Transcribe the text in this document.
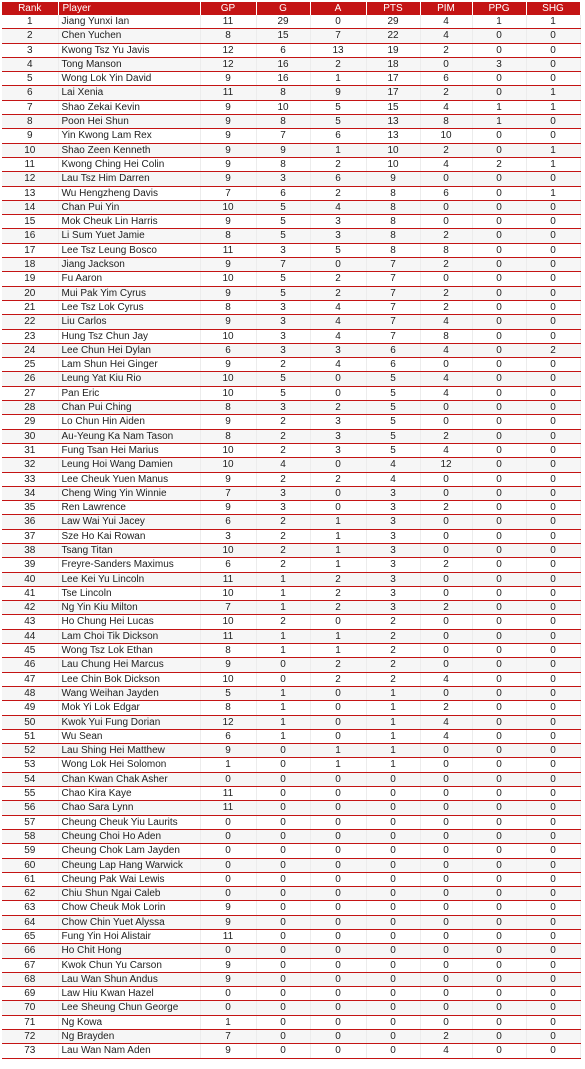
Rank	Player	GP	G	A	PTS	PIM	PPG	SHG
1	Jiang Yunxi Ian	11	29	0	29	4	1	1
2	Chen Yuchen	8	15	7	22	4	0	0
3	Kwong Tsz Yu Javis	12	6	13	19	2	0	0
4	Tong Manson	12	16	2	18	0	3	0
5	Wong Lok Yin David	9	16	1	17	6	0	0
6	Lai Xenia	11	8	9	17	2	0	1
7	Shao Zekai Kevin	9	10	5	15	4	1	1
8	Poon Hei Shun	9	8	5	13	8	1	0
9	Yin Kwong Lam Rex	9	7	6	13	10	0	0
10	Shao Zeen Kenneth	9	9	1	10	2	0	1
11	Kwong Ching Hei Colin	9	8	2	10	4	2	1
12	Lau Tsz Him Darren	9	3	6	9	0	0	0
13	Wu Hengzheng Davis	7	6	2	8	6	0	1
14	Chan Pui Yin	10	5	4	8	0	0	0
15	Mok Cheuk Lin Harris	9	5	3	8	0	0	0
16	Li Sum Yuet Jamie	8	5	3	8	2	0	0
17	Lee Tsz Leung Bosco	11	3	5	8	8	0	0
18	Jiang Jackson	9	7	0	7	2	0	0
19	Fu Aaron	10	5	2	7	0	0	0
20	Mui Pak Yim Cyrus	9	5	2	7	2	0	0
21	Lee Tsz Lok Cyrus	8	3	4	7	2	0	0
22	Liu Carlos	9	3	4	7	4	0	0
23	Hung Tsz Chun Jay	10	3	4	7	8	0	0
24	Lee Chun Hei Dylan	6	3	3	6	4	0	2
25	Lam Shun Hei Ginger	9	2	4	6	0	0	0
26	Leung Yat Kiu Rio	10	5	0	5	4	0	0
27	Pan Eric	10	5	0	5	4	0	0
28	Chan Pui Ching	8	3	2	5	0	0	0
29	Lo Chun Hin Aiden	9	2	3	5	0	0	0
30	Au-Yeung Ka Nam Tason	8	2	3	5	2	0	0
31	Fung Tsan Hei Marius	10	2	3	5	4	0	0
32	Leung Hoi Wang Damien	10	4	0	4	12	0	0
33	Lee Cheuk Yuen Manus	9	2	2	4	0	0	0
34	Cheng Wing Yin Winnie	7	3	0	3	0	0	0
35	Ren Lawrence	9	3	0	3	2	0	0
36	Law Wai Yui Jacey	6	2	1	3	0	0	0
37	Sze Ho Kai Rowan	3	2	1	3	0	0	0
38	Tsang Titan	10	2	1	3	0	0	0
39	Freyre-Sanders Maximus	6	2	1	3	2	0	0
40	Lee Kei Yu Lincoln	11	1	2	3	0	0	0
41	Tse Lincoln	10	1	2	3	0	0	0
42	Ng Yin Kiu Milton	7	1	2	3	2	0	0
43	Ho Chung Hei Lucas	10	2	0	2	0	0	0
44	Lam Choi Tik Dickson	11	1	1	2	0	0	0
45	Wong Tsz Lok Ethan	8	1	1	2	0	0	0
46	Lau Chung Hei Marcus	9	0	2	2	0	0	0
47	Lee Chin Bok Dickson	10	0	2	2	4	0	0
48	Wang Weihan Jayden	5	1	0	1	0	0	0
49	Mok Yi Lok Edgar	8	1	0	1	2	0	0
50	Kwok Yui Fung Dorian	12	1	0	1	4	0	0
51	Wu Sean	6	1	0	1	4	0	0
52	Lau Shing Hei Matthew	9	0	1	1	0	0	0
53	Wong Lok Hei Solomon	1	0	1	1	0	0	0
54	Chan Kwan Chak Asher	0	0	0	0	0	0	0
55	Chao Kira Kaye	11	0	0	0	0	0	0
56	Chao Sara Lynn	11	0	0	0	0	0	0
57	Cheung Cheuk Yiu Laurits	0	0	0	0	0	0	0
58	Cheung Choi Ho Aden	0	0	0	0	0	0	0
59	Cheung Chok Lam Jayden	0	0	0	0	0	0	0
60	Cheung Lap Hang Warwick	0	0	0	0	0	0	0
61	Cheung Pak Wai Lewis	0	0	0	0	0	0	0
62	Chiu Shun Ngai Caleb	0	0	0	0	0	0	0
63	Chow Cheuk Mok Lorin	9	0	0	0	0	0	0
64	Chow Chin Yuet Alyssa	9	0	0	0	0	0	0
65	Fung Yin Hoi Alistair	11	0	0	0	0	0	0
66	Ho Chit Hong	0	0	0	0	0	0	0
67	Kwok Chun Yu Carson	9	0	0	0	0	0	0
68	Lau Wan Shun Andus	9	0	0	0	0	0	0
69	Law Hiu Kwan Hazel	0	0	0	0	0	0	0
70	Lee Sheung Chun George	0	0	0	0	0	0	0
71	Ng Kowa	1	0	0	0	0	0	0
72	Ng Brayden	7	0	0	0	2	0	0
73	Lau Wan Nam Aden	9	0	0	0	4	0	0
